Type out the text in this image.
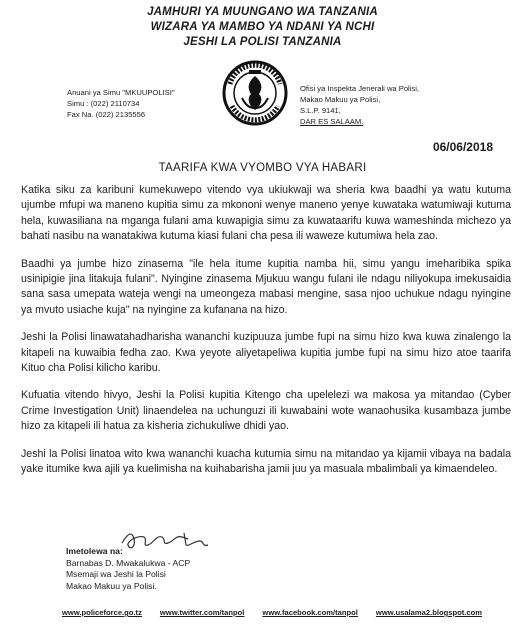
JAMHURI YA MUUNGANO WA TANZANIA
WIZARA YA MAMBO YA NDANI YA NCHI
JESHI LA POLISI TANZANIA
Anuani ya Simu "MKUUPOLISI"
Simu : (022) 2110734
Fax Na. (022) 2135556
Ofisi ya Inspekta Jenerali wa Polisi,
Makao Makuu ya Polisi,
S.L.P. 9141,
DAR ES SALAAM.
06/06/2018
TAARIFA KWA VYOMBO VYA HABARI

Katika siku za karibuni kumekuwepo vitendo vya ukiukwaji wa sheria kwa baadhi ya watu kutuma ujumbe mfupi wa maneno kupitia simu za mkononi wenye maneno yenye kuwataka watumiwaji kutuma hela, kuwasiliana na mganga fulani ama kuwapigia simu za kuwataarifu kuwa wameshinda michezo ya bahati nasibu na wanatakiwa kutuma kiasi fulani cha pesa ili waweze kutumiwa hela zao.

Baadhi ya jumbe hizo zinasema "ile hela itume kupitia namba hii, simu yangu imeharibika spika usinipigie jina litakuja fulani". Nyingine zinasema Mjukuu wangu fulani ile ndagu niliyokupa imekusaidia sana sasa umepata wateja wengi na umeongeza mabasi mengine, sasa njoo uchukue ndagu nyingine ya mvuto usiache kuja" na nyingine za kufanana na hizo.

Jeshi la Polisi linawatahadharisha wananchi kuzipuuza jumbe fupi na simu hizo kwa kuwa zinalengo la kitapeli na kuwaibia fedha zao. Kwa yeyote aliyetapeliwa kupitia jumbe fupi na simu hizo atoe taarifa Kituo cha Polisi kilicho karibu.

Kufuatia vitendo hivyo, Jeshi la Polisi kupitia Kitengo cha upelelezi wa makosa ya mitandao (Cyber Crime Investigation Unit) linaendelea na uchunguzi ili kuwabaini wote wanaohusika kusambaza jumbe hizo za kitapeli ili hatua za kisheria zichukuliwe dhidi yao.

Jeshi la Polisi linatoa wito kwa wananchi kuacha kutumia simu na mitandao ya kijamii vibaya na badala yake itumike kwa ajili ya kuelimisha na kuihabarisha jamii juu ya masuala mbalimbali ya kimaendeleo.

Imetolewa na:
Barnabas D. Mwakalukwa - ACP
Msemaji wa Jeshi la Polisi
Makao Makuu ya Polisi.
www.policeforce.go.tz www.twitter.com/tanpol www.facebook.com/tanpol www.usalama2.blogspot.com
